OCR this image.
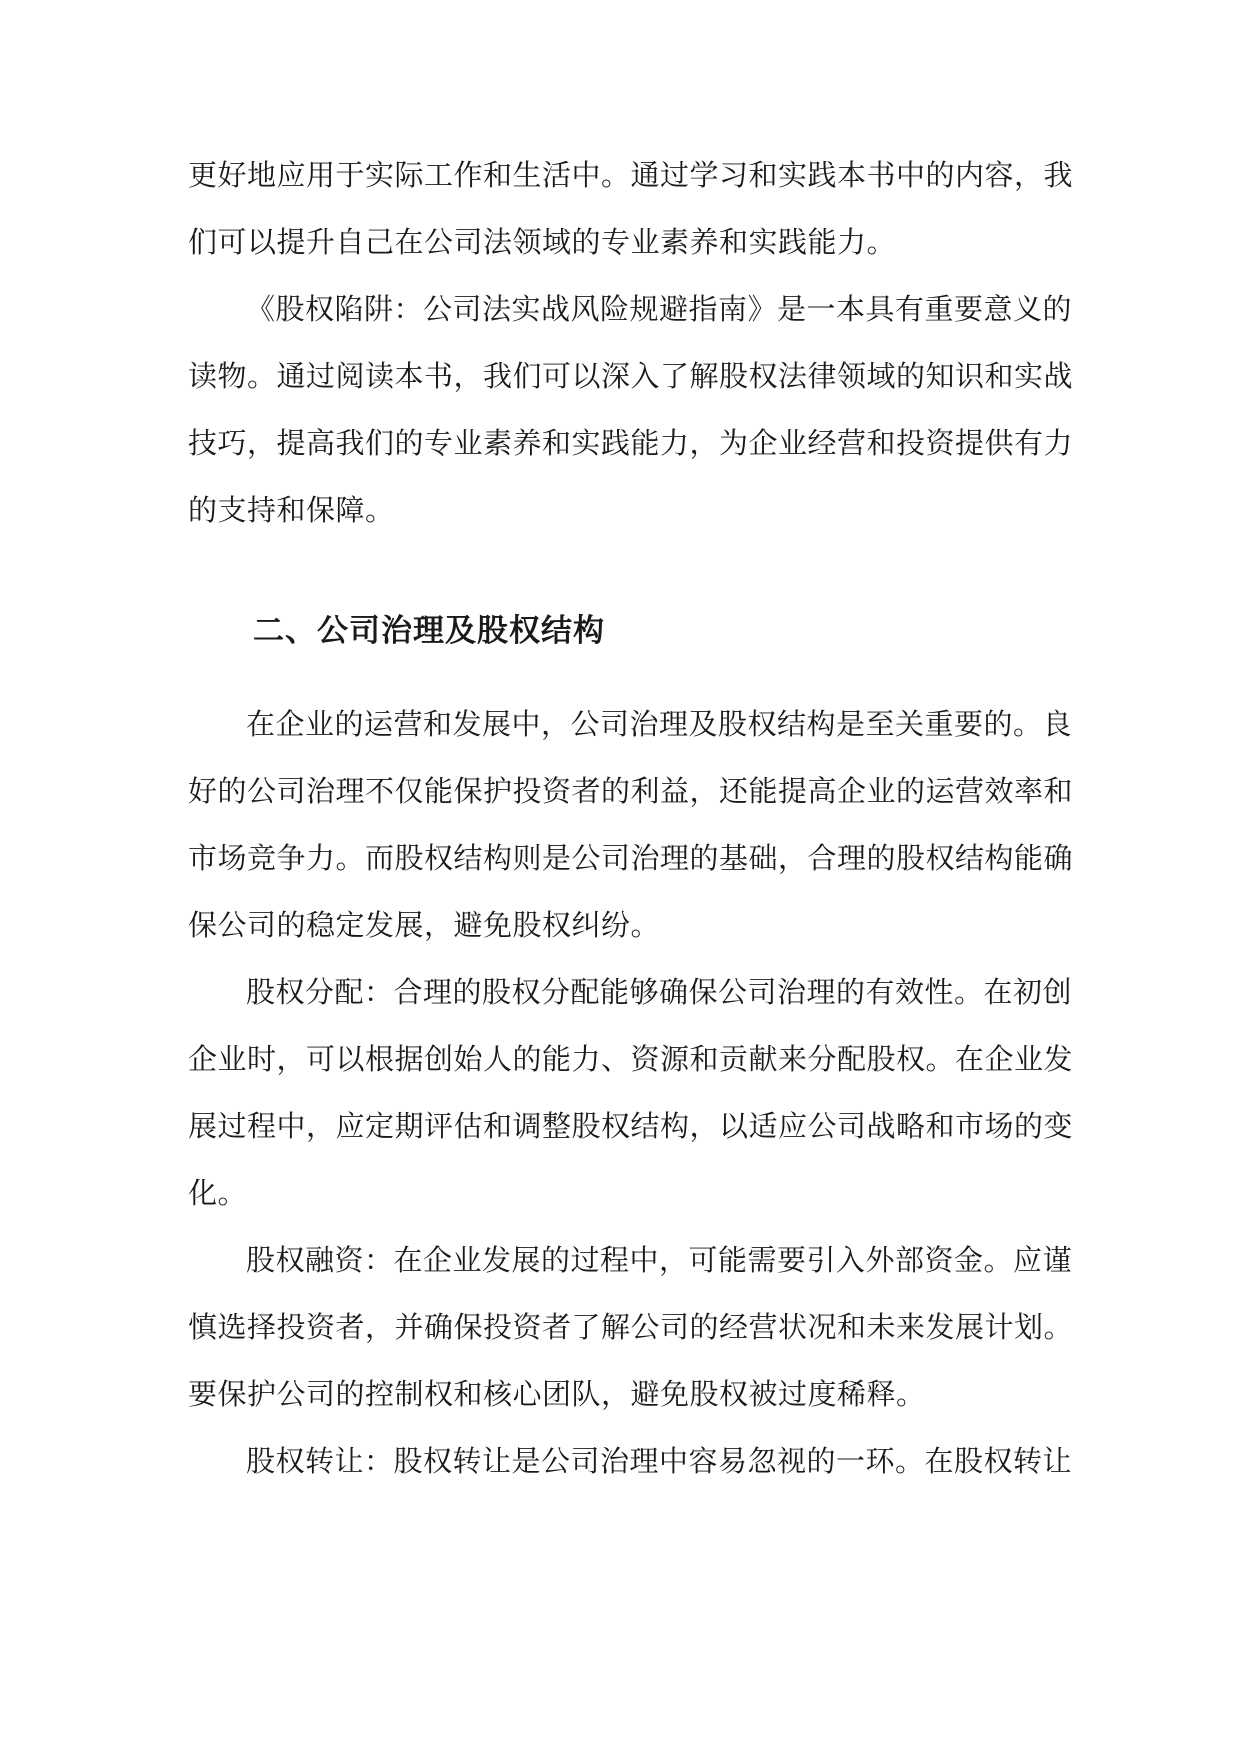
更好地应用于实际工作和生活中。通过学习和实践本书中的内容，我
们可以提升自己在公司法领域的专业素养和实践能力。
《股权陷阱：公司法实战风险规避指南》是一本具有重要意义的
读物。通过阅读本书，我们可以深入了解股权法律领域的知识和实战
技巧，提高我们的专业素养和实践能力，为企业经营和投资提供有力
的支持和保障。
二、公司治理及股权结构
在企业的运营和发展中，公司治理及股权结构是至关重要的。良
好的公司治理不仅能保护投资者的利益，还能提高企业的运营效率和
市场竞争力。而股权结构则是公司治理的基础，合理的股权结构能确
保公司的稳定发展，避免股权纠纷。
股权分配：合理的股权分配能够确保公司治理的有效性。在初创
企业时，可以根据创始人的能力、资源和贡献来分配股权。在企业发
展过程中，应定期评估和调整股权结构，以适应公司战略和市场的变
化。
股权融资：在企业发展的过程中，可能需要引入外部资金。应谨
慎选择投资者，并确保投资者了解公司的经营状况和未来发展计划。
要保护公司的控制权和核心团队，避免股权被过度稀释。
股权转让：股权转让是公司治理中容易忽视的一环。在股权转让
